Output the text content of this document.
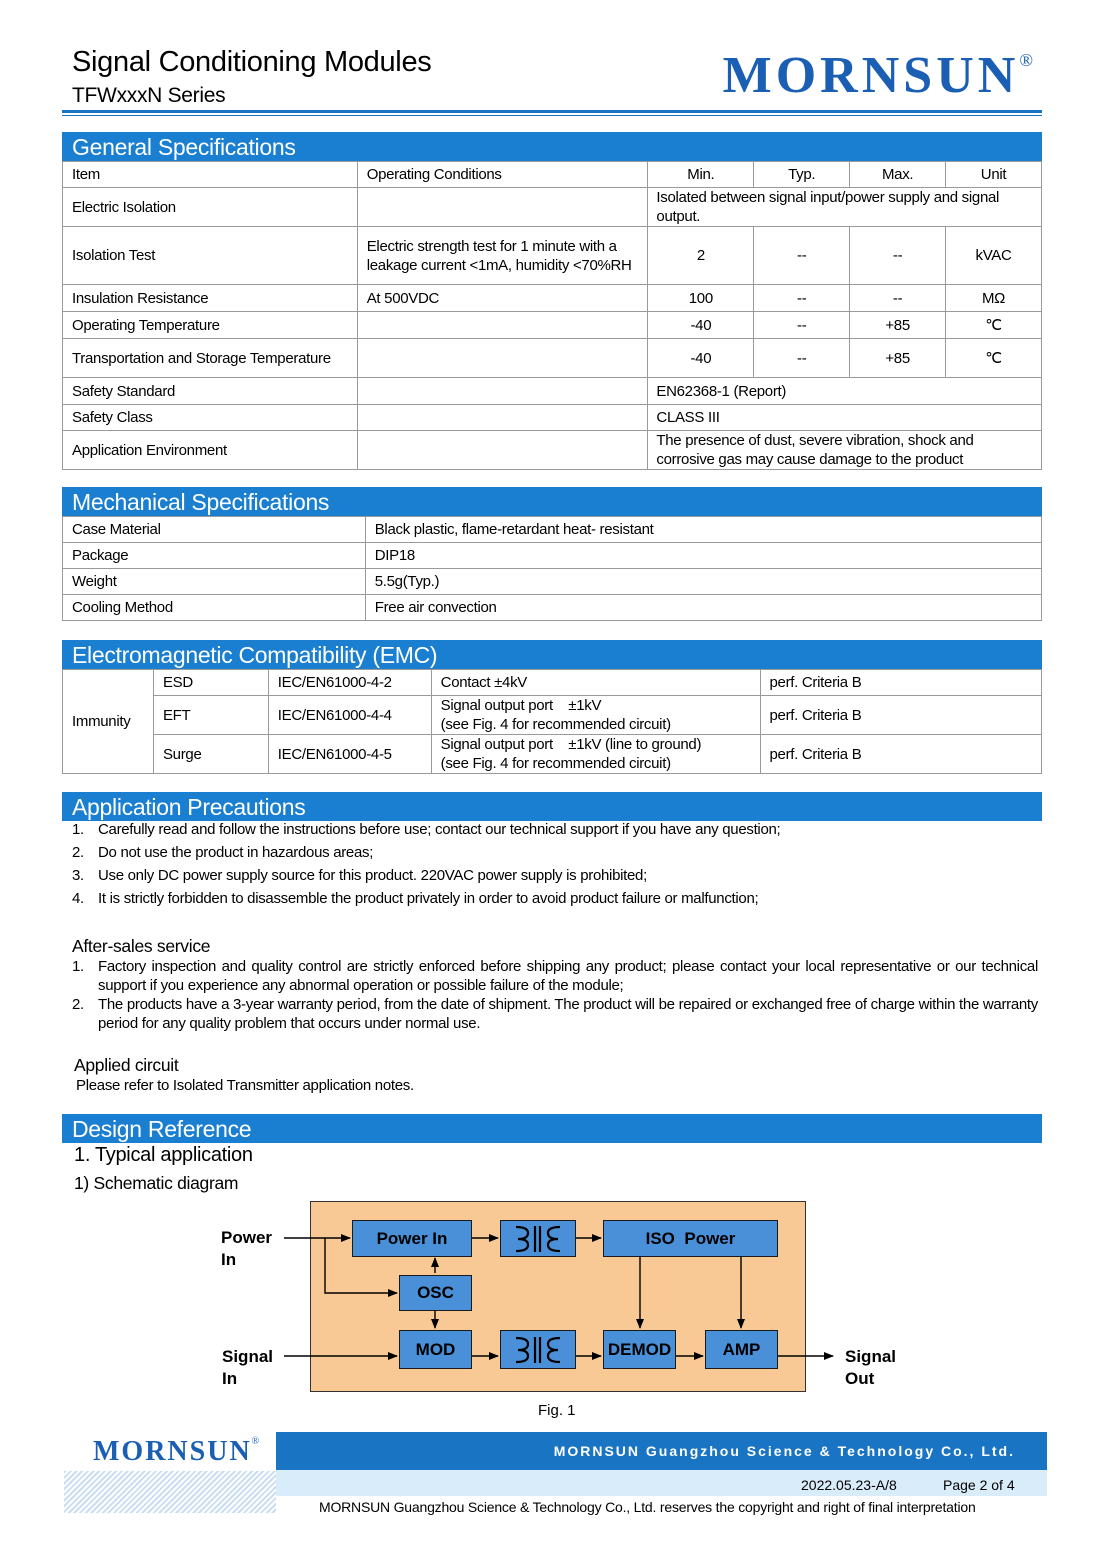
Signal Conditioning Modules
TFWxxxN Series	MORNSUN®
General Specifications
Item	Operating Conditions	Min.	Typ.	Max.	Unit
Electric Isolation		Isolated between signal input/power supply and signal output.			
Isolation Test	Electric strength test for 1 minute with a leakage current <1mA, humidity <70%RH	2	--	--	kVAC
Insulation Resistance	At 500VDC	100	--	--	MΩ
Operating Temperature		-40	--	+85	℃
Transportation and Storage Temperature		-40	--	+85	℃
Safety Standard		EN62368-1 (Report)			
Safety Class		CLASS III			
Application Environment		The presence of dust, severe vibration, shock and corrosive gas may cause damage to the product			
Mechanical Specifications
Case Material	Black plastic, flame-retardant heat- resistant
Package	DIP18
Weight	5.5g(Typ.)
Cooling Method	Free air convection
Electromagnetic Compatibility (EMC)
Immunity	ESD	IEC/EN61000-4-2	Contact ±4kV	perf. Criteria B
	EFT	IEC/EN61000-4-4	Signal output port    ±1kV
(see Fig. 4 for recommended circuit)	perf. Criteria B
	Surge	IEC/EN61000-4-5	Signal output port    ±1kV (line to ground)
(see Fig. 4 for recommended circuit)	perf. Criteria B
Application Precautions
1. Carefully read and follow the instructions before use; contact our technical support if you have any question;
2. Do not use the product in hazardous areas;
3. Use only DC power supply source for this product. 220VAC power supply is prohibited;
4. It is strictly forbidden to disassemble the product privately in order to avoid product failure or malfunction;
After-sales service
1. Factory inspection and quality control are strictly enforced before shipping any product; please contact your local representative or our technical support if you experience any abnormal operation or possible failure of the module;
2. The products have a 3-year warranty period, from the date of shipment. The product will be repaired or exchanged free of charge within the warranty period for any quality problem that occurs under normal use.
Applied circuit
Please refer to Isolated Transmitter application notes.
Design Reference
1. Typical application
1) Schematic diagram
Power In	ISO  Power
OSC
MOD	DEMOD	AMP
Power
In
Signal
In
Signal
Out
Fig. 1
MORNSUN Guangzhou Science & Technology Co., Ltd.
MORNSUN®
2022.05.23-A/8	Page 2 of 4
MORNSUN Guangzhou Science & Technology Co., Ltd. reserves the copyright and right of final interpretation
